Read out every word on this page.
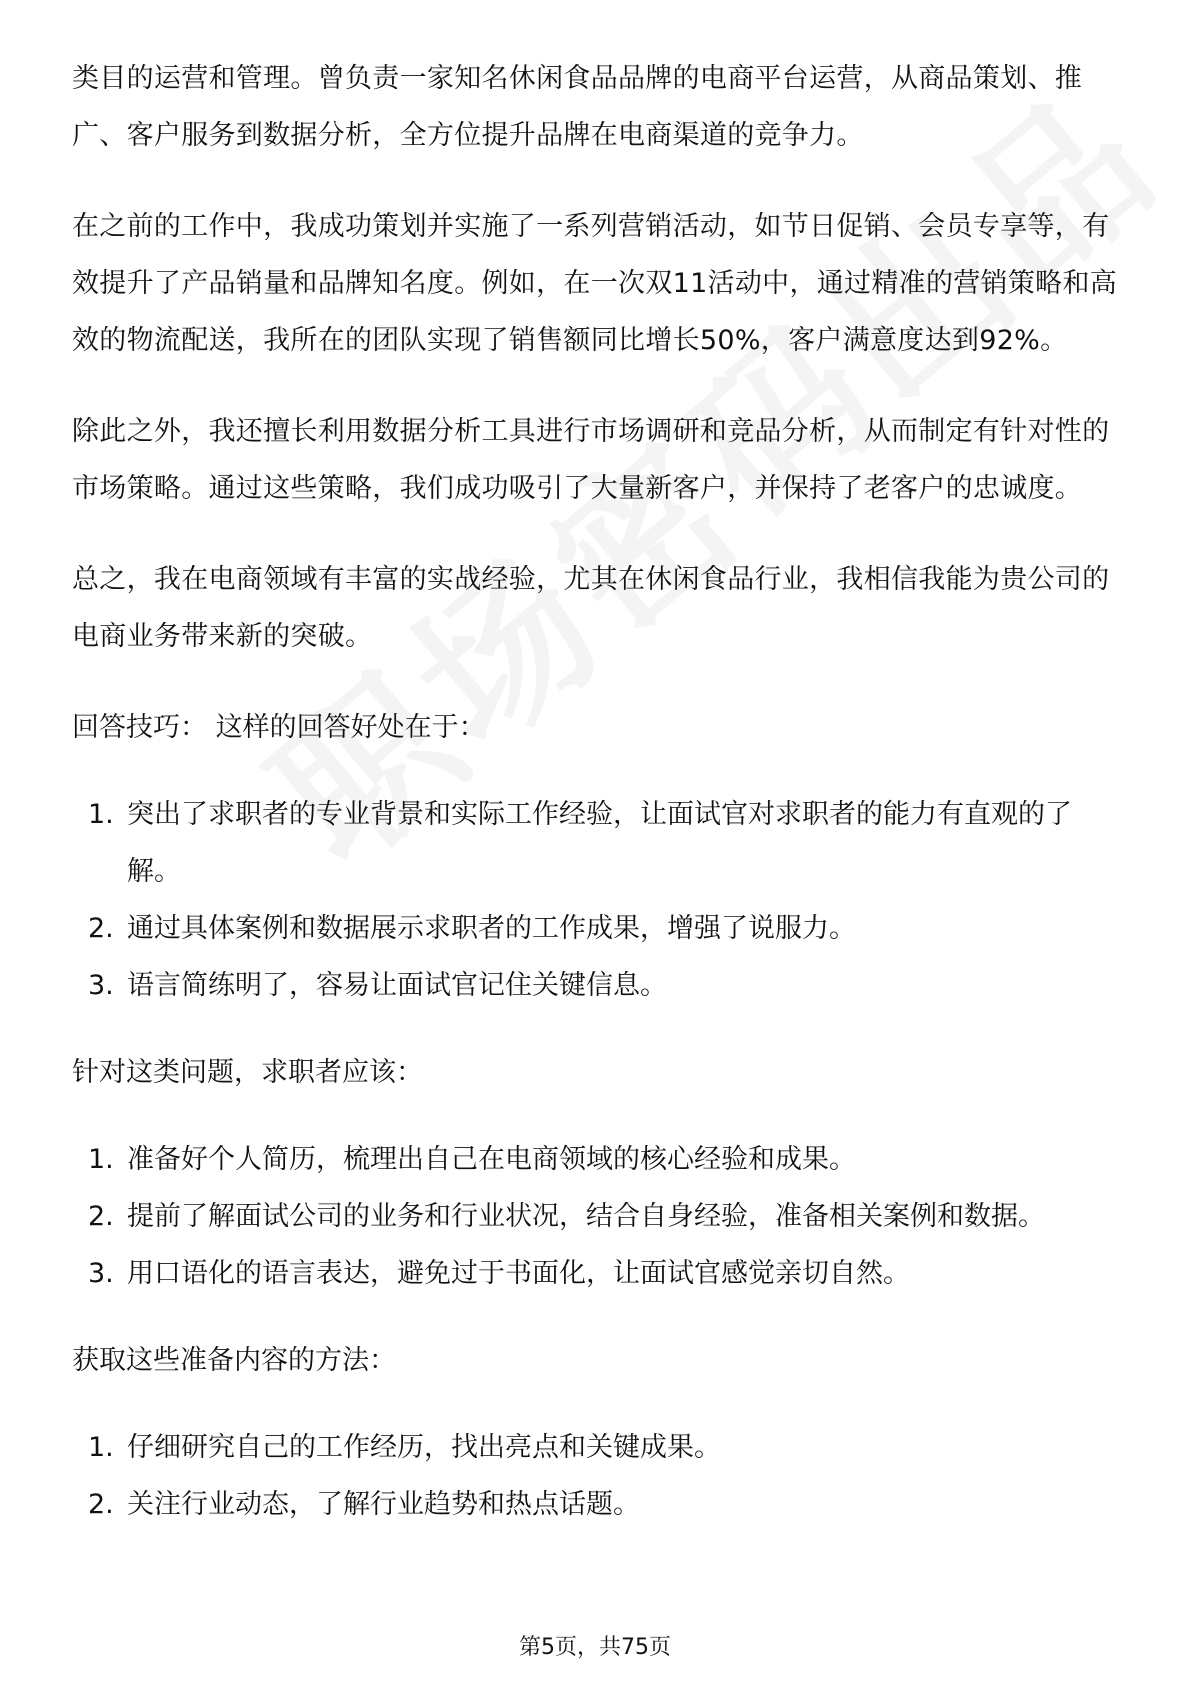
类目的运营和管理。曾负责一家知名休闲食品品牌的电商平台运营，从商品策划、推广、客户服务到数据分析，全方位提升品牌在电商渠道的竞争力。

在之前的工作中，我成功策划并实施了一系列营销活动，如节日促销、会员专享等，有效提升了产品销量和品牌知名度。例如，在一次双11活动中，通过精准的营销策略和高效的物流配送，我所在的团队实现了销售额同比增长50%，客户满意度达到92%。

除此之外，我还擅长利用数据分析工具进行市场调研和竞品分析，从而制定有针对性的市场策略。通过这些策略，我们成功吸引了大量新客户，并保持了老客户的忠诚度。

总之，我在电商领域有丰富的实战经验，尤其在休闲食品行业，我相信我能为贵公司的电商业务带来新的突破。

回答技巧： 这样的回答好处在于：
1. 突出了求职者的专业背景和实际工作经验，让面试官对求职者的能力有直观的了解。
2. 通过具体案例和数据展示求职者的工作成果，增强了说服力。
3. 语言简练明了，容易让面试官记住关键信息。
针对这类问题，求职者应该：
1. 准备好个人简历，梳理出自己在电商领域的核心经验和成果。
2. 提前了解面试公司的业务和行业状况，结合自身经验，准备相关案例和数据。
3. 用口语化的语言表达，避免过于书面化，让面试官感觉亲切自然。
获取这些准备内容的方法：
1. 仔细研究自己的工作经历，找出亮点和关键成果。
2. 关注行业动态，了解行业趋势和热点话题。
第5页，共75页
